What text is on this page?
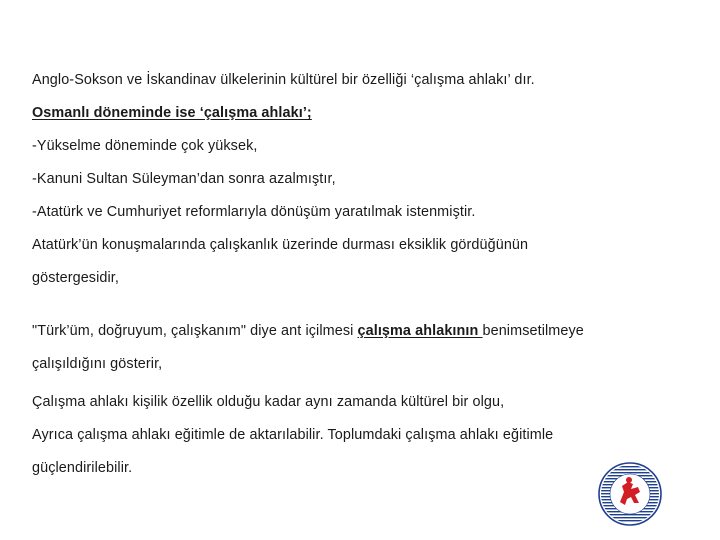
Anglo-Sokson ve İskandinav ülkelerinin kültürel bir özelliği ‘çalışma ahlakı’ dır.
Osmanlı döneminde ise ‘çalışma ahlakı’;
-Yükselme döneminde çok yüksek,
-Kanuni Sultan Süleyman’dan sonra azalmıştır,
-Atatürk ve Cumhuriyet reformlarıyla dönüşüm yaratılmak istenmiştir.
Atatürk’ün konuşmalarında çalışkanlık üzerinde durması eksiklik gördüğünün
göstergesidir,
"Türk’üm, doğruyum, çalışkanım" diye ant içilmesi çalışma ahlakının benimsetilmeye
çalışıldığını gösterir,
Çalışma ahlakı kişilik özellik olduğu kadar aynı zamanda kültürel bir olgu,
Ayrıca çalışma ahlakı eğitimle de aktarılabilir. Toplumdaki çalışma ahlakı eğitimle
güçlendirilebilir.
